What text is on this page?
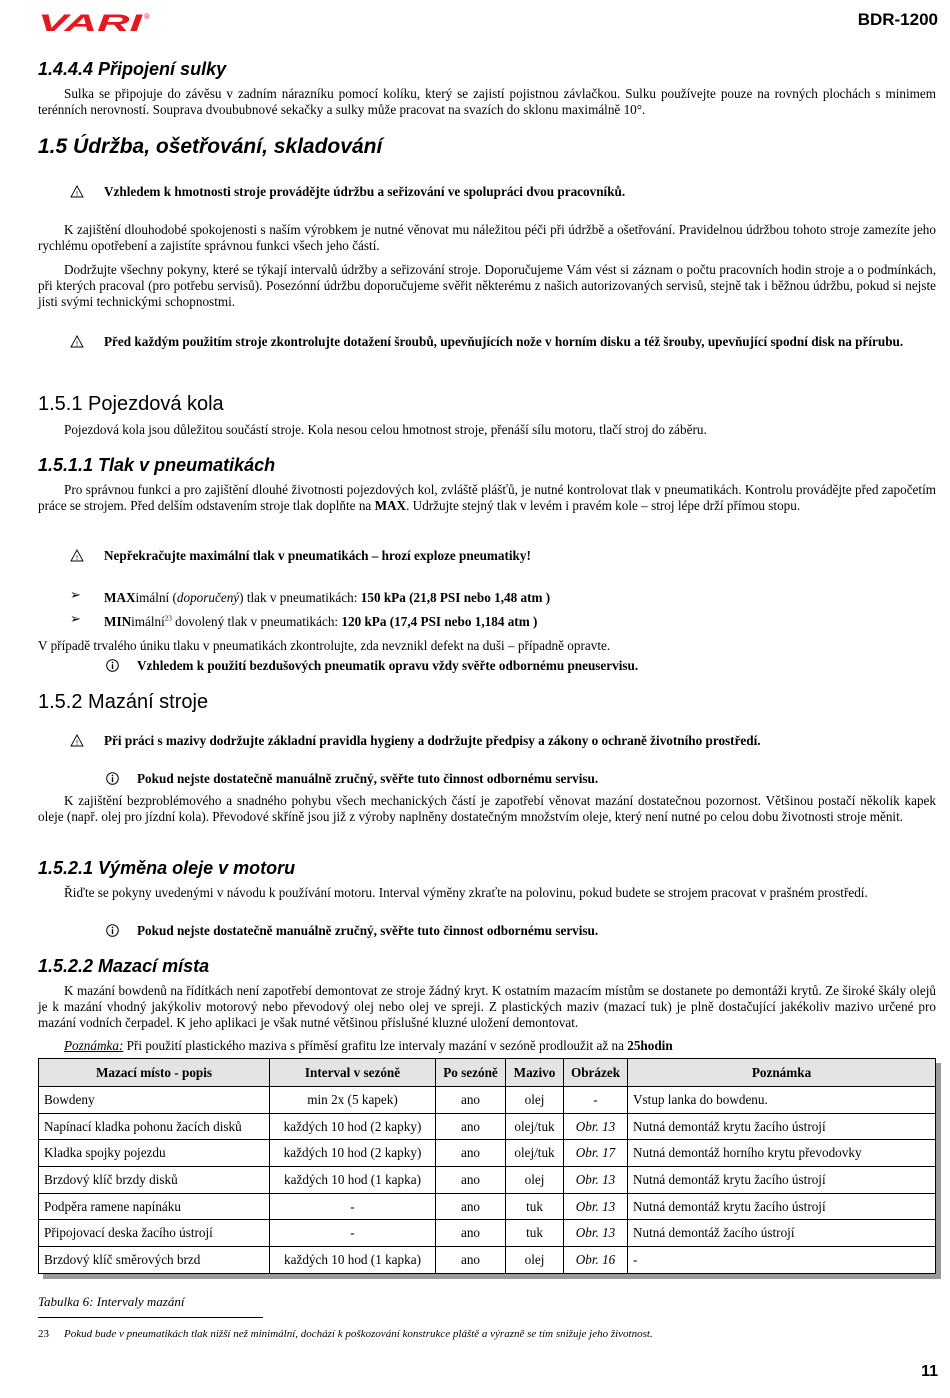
VARI ®	BDR-1200
1.4.4.4 Připojení sulky
Sulka se připojuje do závěsu v zadním nárazníku pomocí kolíku, který se zajistí pojistnou závlačkou. Sulku používejte pouze na rovných plochách s minimem terénních nerovností. Souprava dvoububnové sekačky a sulky může pracovat na svazích do sklonu maximálně 10°.
1.5 Údržba, ošetřování, skladování
! Vzhledem k hmotnosti stroje provádějte údržbu a seřizování ve spolupráci dvou pracovníků.
K zajištění dlouhodobé spokojenosti s naším výrobkem je nutné věnovat mu náležitou péči při údržbě a ošetřování. Pravidelnou údržbou tohoto stroje zamezíte jeho rychlému opotřebení a zajistíte správnou funkci všech jeho částí.
Dodržujte všechny pokyny, které se týkají intervalů údržby a seřizování stroje. Doporučujeme Vám vést si záznam o počtu pracovních hodin stroje a o podmínkách, při kterých pracoval (pro potřebu servisů). Posezónní údržbu doporučujeme svěřit některému z našich autorizovaných servisů, stejně tak i běžnou údržbu, pokud si nejste jisti svými technickými schopnostmi.
! Před každým použitím stroje zkontrolujte dotažení šroubů, upevňujících nože v horním disku a též šrouby, upevňující spodní disk na přírubu.
1.5.1 Pojezdová kola
Pojezdová kola jsou důležitou součástí stroje. Kola nesou celou hmotnost stroje, přenáší sílu motoru, tlačí stroj do záběru.
1.5.1.1 Tlak v pneumatikách
Pro správnou funkci a pro zajištění dlouhé životnosti pojezdových kol, zvláště plášťů, je nutné kontrolovat tlak v pneumatikách. Kontrolu provádějte před započetím práce se strojem. Před delším odstavením stroje tlak doplňte na MAX. Udržujte stejný tlak v levém i pravém kole – stroj lépe drží přímou stopu.
! Nepřekračujte maximální tlak v pneumatikách – hrozí exploze pneumatiky!
➢ MAXimální (doporučený) tlak v pneumatikách: 150 kPa (21,8 PSI nebo 1,48 atm )
➢ MINimální$^{23}$ dovolený tlak v pneumatikách: 120 kPa (17,4 PSI nebo 1,184 atm )
V případě trvalého úniku tlaku v pneumatikách zkontrolujte, zda nevznikl defekt na duši – případně opravte.
Vzhledem k použití bezdušových pneumatik opravu vždy svěřte odbornému pneuservisu.
1.5.2 Mazání stroje
! Při práci s mazivy dodržujte základní pravidla hygieny a dodržujte předpisy a zákony o ochraně životního prostředí.
Pokud nejste dostatečně manuálně zručný, svěřte tuto činnost odbornému servisu.
K zajištění bezproblémového a snadného pohybu všech mechanických částí je zapotřebí věnovat mazání dostatečnou pozornost. Většinou postačí několik kapek oleje (např. olej pro jízdní kola). Převodové skříně jsou již z výroby naplněny dostatečným množstvím oleje, který není nutné po celou dobu životnosti stroje měnit.
1.5.2.1 Výměna oleje v motoru
Řiďte se pokyny uvedenými v návodu k používání motoru. Interval výměny zkraťte na polovinu, pokud budete se strojem pracovat v prašném prostředí.
Pokud nejste dostatečně manuálně zručný, svěřte tuto činnost odbornému servisu.
1.5.2.2 Mazací místa
K mazání bowdenů na řídítkách není zapotřebí demontovat ze stroje žádný kryt. K ostatním mazacím místům se dostanete po demontáži krytů. Ze široké škály olejů je k mazání vhodný jakýkoliv motorový nebo převodový olej nebo olej ve spreji. Z plastických maziv (mazací tuk) je plně dostačující jakékoliv mazivo určené pro mazání vodních čerpadel. K jeho aplikaci je však nutné většinou příslušné kluzné uložení demontovat.
Poznámka: Při použití plastického maziva s příměsí grafitu lze intervaly mazání v sezóně prodloužit až na 25hodin
Mazací místo - popis	Interval v sezóně	Po sezóně	Mazivo	Obrázek	Poznámka
Bowdeny	min 2x (5 kapek)	ano	olej	-	Vstup lanka do bowdenu.
Napínací kladka pohonu žacích disků	každých 10 hod (2 kapky)	ano	olej/tuk	Obr. 13	Nutná demontáž krytu žacího ústrojí
Kladka spojky pojezdu	každých 10 hod (2 kapky)	ano	olej/tuk	Obr. 17	Nutná demontáž horního krytu převodovky
Brzdový klíč brzdy disků	každých 10 hod (1 kapka)	ano	olej	Obr. 13	Nutná demontáž krytu žacího ústrojí
Podpěra ramene napínáku	-	ano	tuk	Obr. 13	Nutná demontáž krytu žacího ústrojí
Připojovací deska žacího ústrojí	-	ano	tuk	Obr. 13	Nutná demontáž žacího ústrojí
Brzdový klíč směrových brzd	každých 10 hod (1 kapka)	ano	olej	Obr. 16	-
Tabulka 6: Intervaly mazání
23 Pokud bude v pneumatikách tlak nižší než minimální, dochází k poškozování konstrukce pláště a výrazně se tím snižuje jeho životnost.
11
